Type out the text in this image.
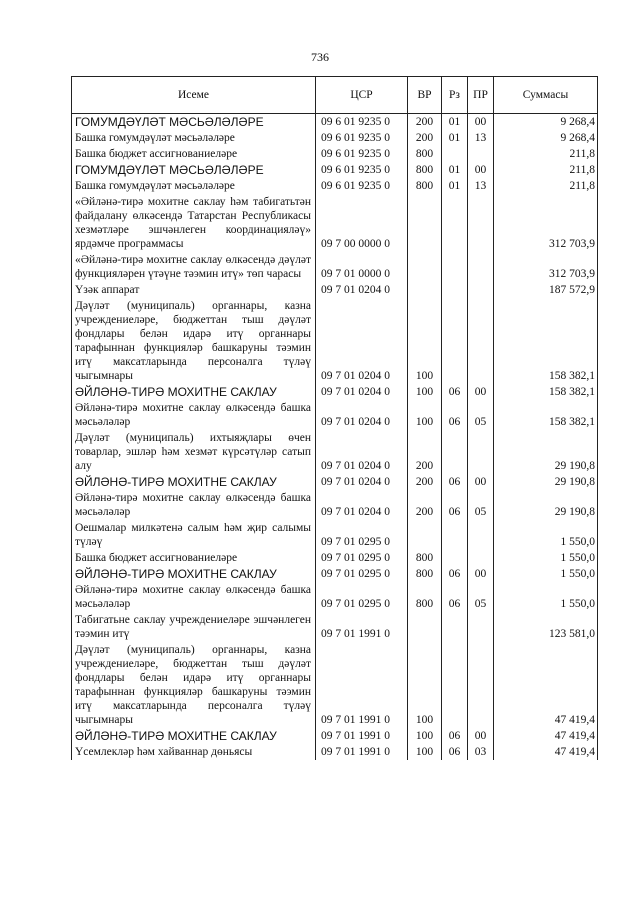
736
Исеме	ЦСР	ВР	Рз	ПР	Суммасы
ГОМУМДӘҮЛӘТ МӘСЬӘЛӘЛӘРЕ	09 6 01 9235 0	200	01	00	9 268,4
Башка гомумдәүләт мәсьәләләре	09 6 01 9235 0	200	01	13	9 268,4
Башка бюджет ассигнованиеләре	09 6 01 9235 0	800			211,8
ГОМУМДӘҮЛӘТ МӘСЬӘЛӘЛӘРЕ	09 6 01 9235 0	800	01	00	211,8
Башка гомумдәүләт мәсьәләләре	09 6 01 9235 0	800	01	13	211,8
«Әйләнә-тирә мохитне саклау һәм табигатьтән файдалану өлкәсендә Татарстан Республикасы хезмәтләре эшчәнлеген координацияләү» ярдәмче программасы	09 7 00 0000 0				312 703,9
«Әйләнә-тирә мохитне саклау өлкәсендә дәүләт функцияләрен үтәүне тәэмин итү» төп чарасы	09 7 01 0000 0				312 703,9
Үзәк аппарат	09 7 01 0204 0				187 572,9
Дәүләт (муниципаль) органнары, казна учреждениеләре, бюджеттан тыш дәүләт фондлары белән идарә итү органнары тарафыннан функцияләр башкаруны тәэмин итү максатларында персоналга түләү чыгымнары	09 7 01 0204 0	100			158 382,1
ӘЙЛӘНӘ-ТИРӘ МОХИТНЕ САКЛАУ	09 7 01 0204 0	100	06	00	158 382,1
Әйләнә-тирә мохитне саклау өлкәсендә башка мәсьәләләр	09 7 01 0204 0	100	06	05	158 382,1
Дәүләт (муниципаль) ихтыяҗлары өчен товарлар, эшләр һәм хезмәт күрсәтүләр сатып алу	09 7 01 0204 0	200			29 190,8
ӘЙЛӘНӘ-ТИРӘ МОХИТНЕ САКЛАУ	09 7 01 0204 0	200	06	00	29 190,8
Әйләнә-тирә мохитне саклау өлкәсендә башка мәсьәләләр	09 7 01 0204 0	200	06	05	29 190,8
Оешмалар милкәтенә салым һәм җир салымы түләү	09 7 01 0295 0				1 550,0
Башка бюджет ассигнованиеләре	09 7 01 0295 0	800			1 550,0
ӘЙЛӘНӘ-ТИРӘ МОХИТНЕ САКЛАУ	09 7 01 0295 0	800	06	00	1 550,0
Әйләнә-тирә мохитне саклау өлкәсендә башка мәсьәләләр	09 7 01 0295 0	800	06	05	1 550,0
Табигатьне саклау учреждениеләре эшчәнлеген тәэмин итү	09 7 01 1991 0				123 581,0
Дәүләт (муниципаль) органнары, казна учреждениеләре, бюджеттан тыш дәүләт фондлары белән идарә итү органнары тарафыннан функцияләр башкаруны тәэмин итү максатларында персоналга түләү чыгымнары	09 7 01 1991 0	100			47 419,4
ӘЙЛӘНӘ-ТИРӘ МОХИТНЕ САКЛАУ	09 7 01 1991 0	100	06	00	47 419,4
Үсемлекләр һәм хайваннар дөньясы	09 7 01 1991 0	100	06	03	47 419,4
